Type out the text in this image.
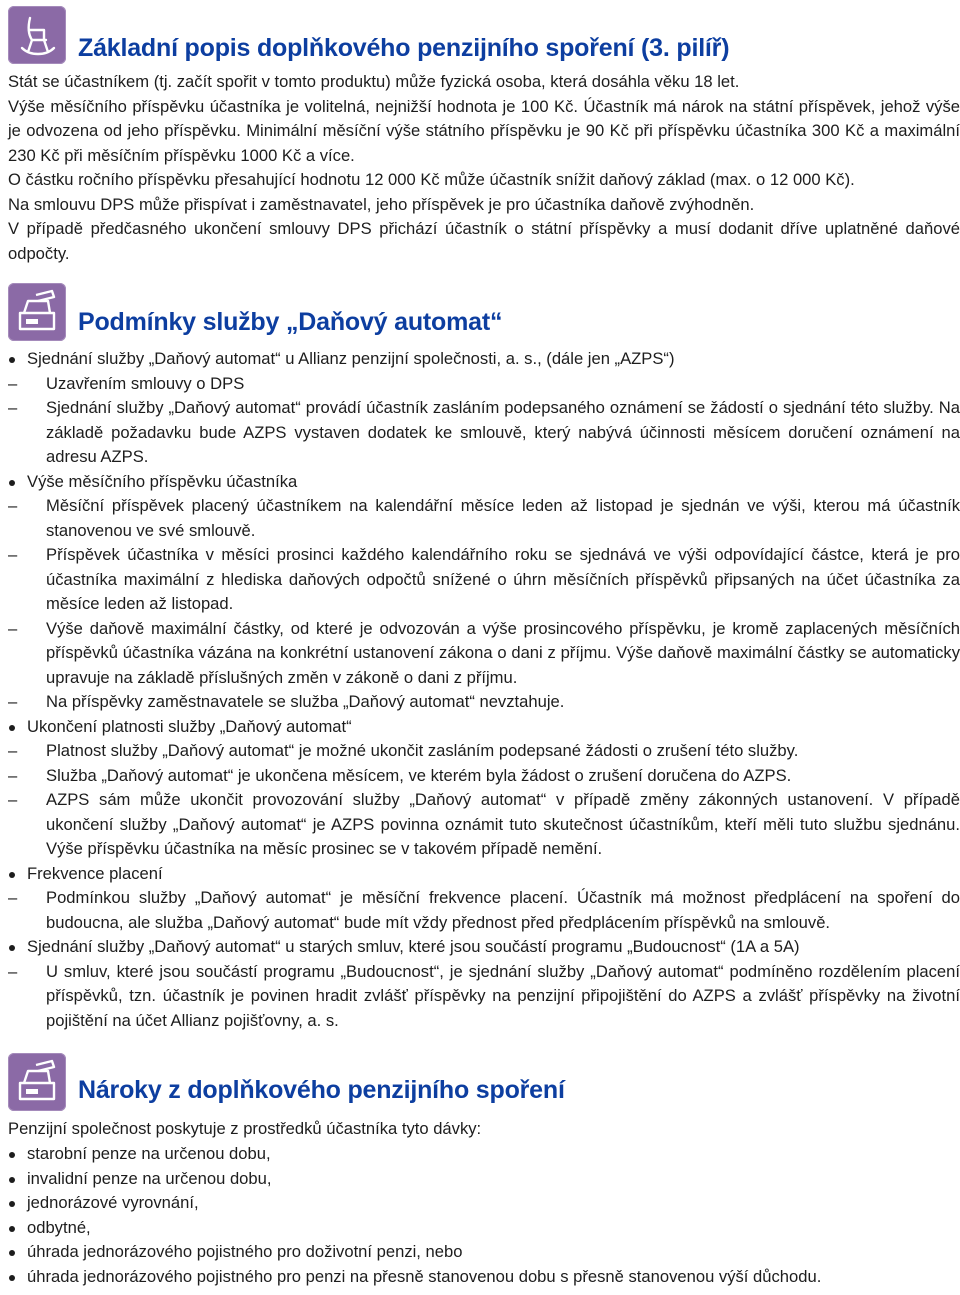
Základní popis doplňkového penzijního spoření (3. pilíř)
Stát se účastníkem (tj. začít spořit v tomto produktu) může fyzická osoba, která dosáhla věku 18 let.
Výše měsíčního příspěvku účastníka je volitelná, nejnižší hodnota je 100 Kč. Účastník má nárok na státní příspěvek, jehož výše je odvozena od jeho příspěvku. Minimální měsíční výše státního příspěvku je 90 Kč při příspěvku účastníka 300 Kč a maximální 230 Kč při měsíčním příspěvku 1000 Kč a více.
O částku ročního příspěvku přesahující hodnotu 12 000 Kč může účastník snížit daňový základ (max. o 12 000 Kč).
Na smlouvu DPS může přispívat i zaměstnavatel, jeho příspěvek je pro účastníka daňově zvýhodněn.
V případě předčasného ukončení smlouvy DPS přichází účastník o státní příspěvky a musí dodanit dříve uplatněné daňové odpočty.
Podmínky služby „Daňový automat“
Sjednání služby „Daňový automat“ u Allianz penzijní společnosti, a. s., (dále jen „AZPS“)
– Uzavřením smlouvy o DPS
– Sjednání služby „Daňový automat“ provádí účastník zasláním podepsaného oznámení se žádostí o sjednání této služby. Na základě požadavku bude AZPS vystaven dodatek ke smlouvě, který nabývá účinnosti měsícem doručení oznámení na adresu AZPS.
Výše měsíčního příspěvku účastníka
– Měsíční příspěvek placený účastníkem na kalendářní měsíce leden až listopad je sjednán ve výši, kterou má účastník stanovenou ve své smlouvě.
– Příspěvek účastníka v měsíci prosinci každého kalendářního roku se sjednává ve výši odpovídající částce, která je pro účastníka maximální z hlediska daňových odpočtů snížené o úhrn měsíčních příspěvků připsaných na účet účastníka za měsíce leden až listopad.
– Výše daňově maximální částky, od které je odvozován a výše prosincového příspěvku, je kromě zaplacených měsíčních příspěvků účastníka vázána na konkrétní ustanovení zákona o dani z příjmu. Výše daňově maximální částky se automaticky upravuje na základě příslušných změn v zákoně o dani z příjmu.
– Na příspěvky zaměstnavatele se služba „Daňový automat“ nevztahuje.
Ukončení platnosti služby „Daňový automat“
– Platnost služby „Daňový automat“ je možné ukončit zasláním podepsané žádosti o zrušení této služby.
– Služba „Daňový automat“ je ukončena měsícem, ve kterém byla žádost o zrušení doručena do AZPS.
– AZPS sám může ukončit provozování služby „Daňový automat“ v případě změny zákonných ustanovení. V případě ukončení služby „Daňový automat“ je AZPS povinna oznámit tuto skutečnost účastníkům, kteří měli tuto službu sjednánu. Výše příspěvku účastníka na měsíc prosinec se v takovém případě nemění.
Frekvence placení
– Podmínkou služby „Daňový automat“ je měsíční frekvence placení. Účastník má možnost předplácení na spoření do budoucna, ale služba „Daňový automat“ bude mít vždy přednost před předplácením příspěvků na smlouvě.
Sjednání služby „Daňový automat“ u starých smluv, které jsou součástí programu „Budoucnost“ (1A a 5A)
– U smluv, které jsou součástí programu „Budoucnost“, je sjednání služby „Daňový automat“ podmíněno rozdělením placení příspěvků, tzn. účastník je povinen hradit zvlášť příspěvky na penzijní připojištění do AZPS a zvlášť příspěvky na životní pojištění na účet Allianz pojišťovny, a. s.
Nároky z doplňkového penzijního spoření
Penzijní společnost poskytuje z prostředků účastníka tyto dávky:
starobní penze na určenou dobu,
invalidní penze na určenou dobu,
jednorázové vyrovnání,
odbytné,
úhrada jednorázového pojistného pro doživotní penzi, nebo
úhrada jednorázového pojistného pro penzi na přesně stanovenou dobu s přesně stanovenou výší důchodu.
